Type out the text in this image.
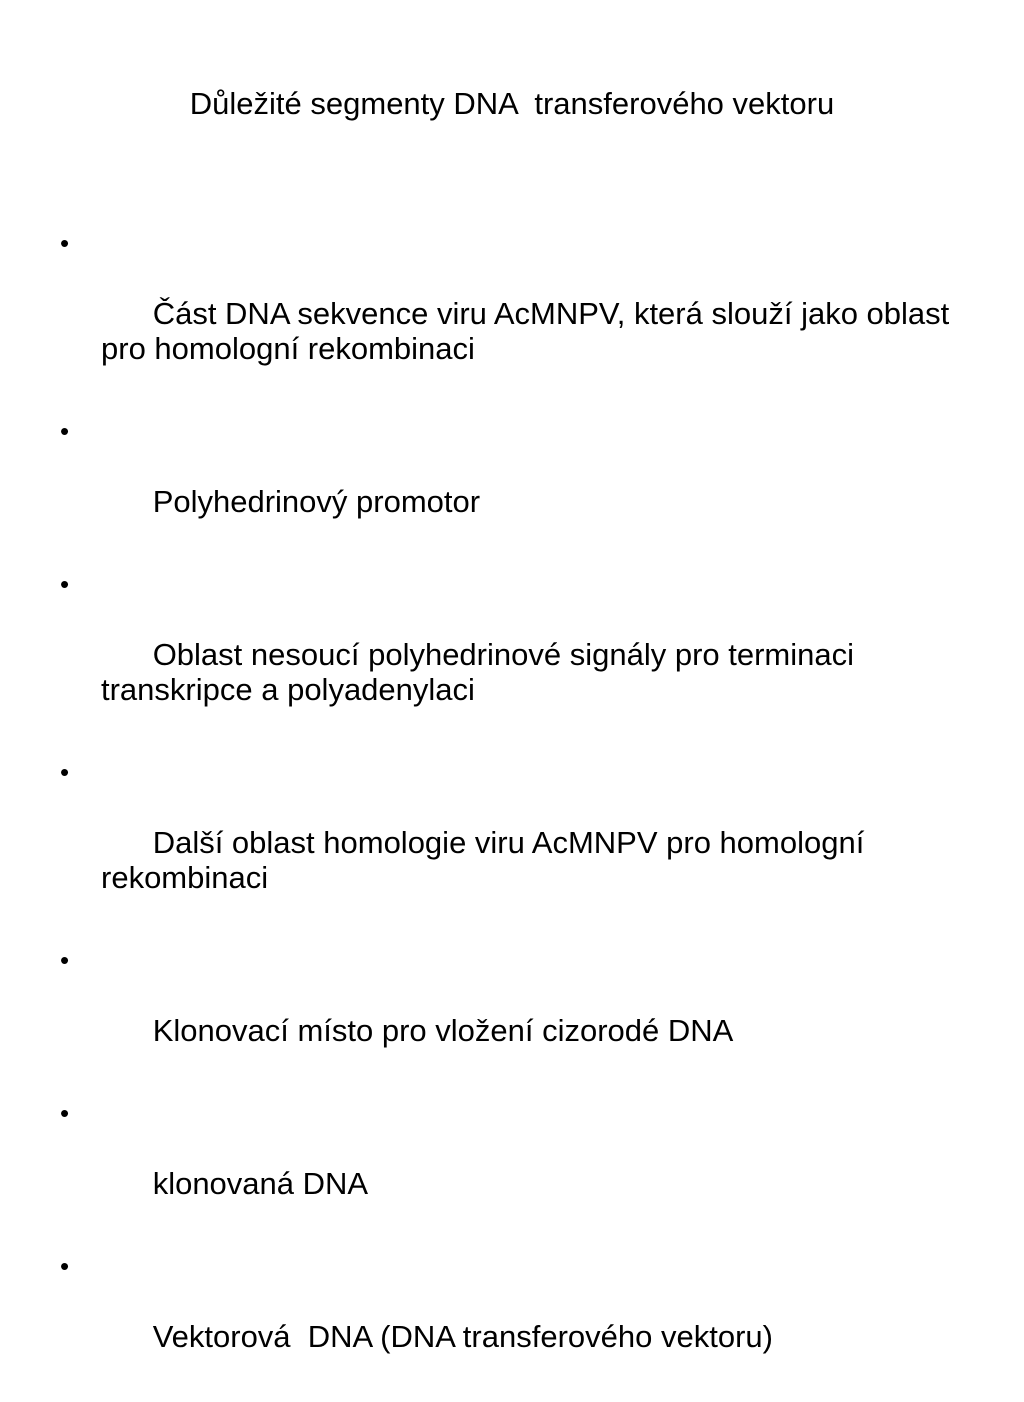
Důležité segmenty DNA  transferového vektoru

•

Část DNA sekvence viru AcMNPV, která slouží jako oblast pro homologní rekombinaci

•

Polyhedrinový promotor

•

Oblast nesoucí polyhedrinové signály pro terminaci transkripce a polyadenylaci

•

Další oblast homologie viru AcMNPV pro homologní rekombinaci

•

Klonovací místo pro vložení cizorodé DNA

•

klonovaná DNA

•

Vektorová  DNA (DNA transferového vektoru)
